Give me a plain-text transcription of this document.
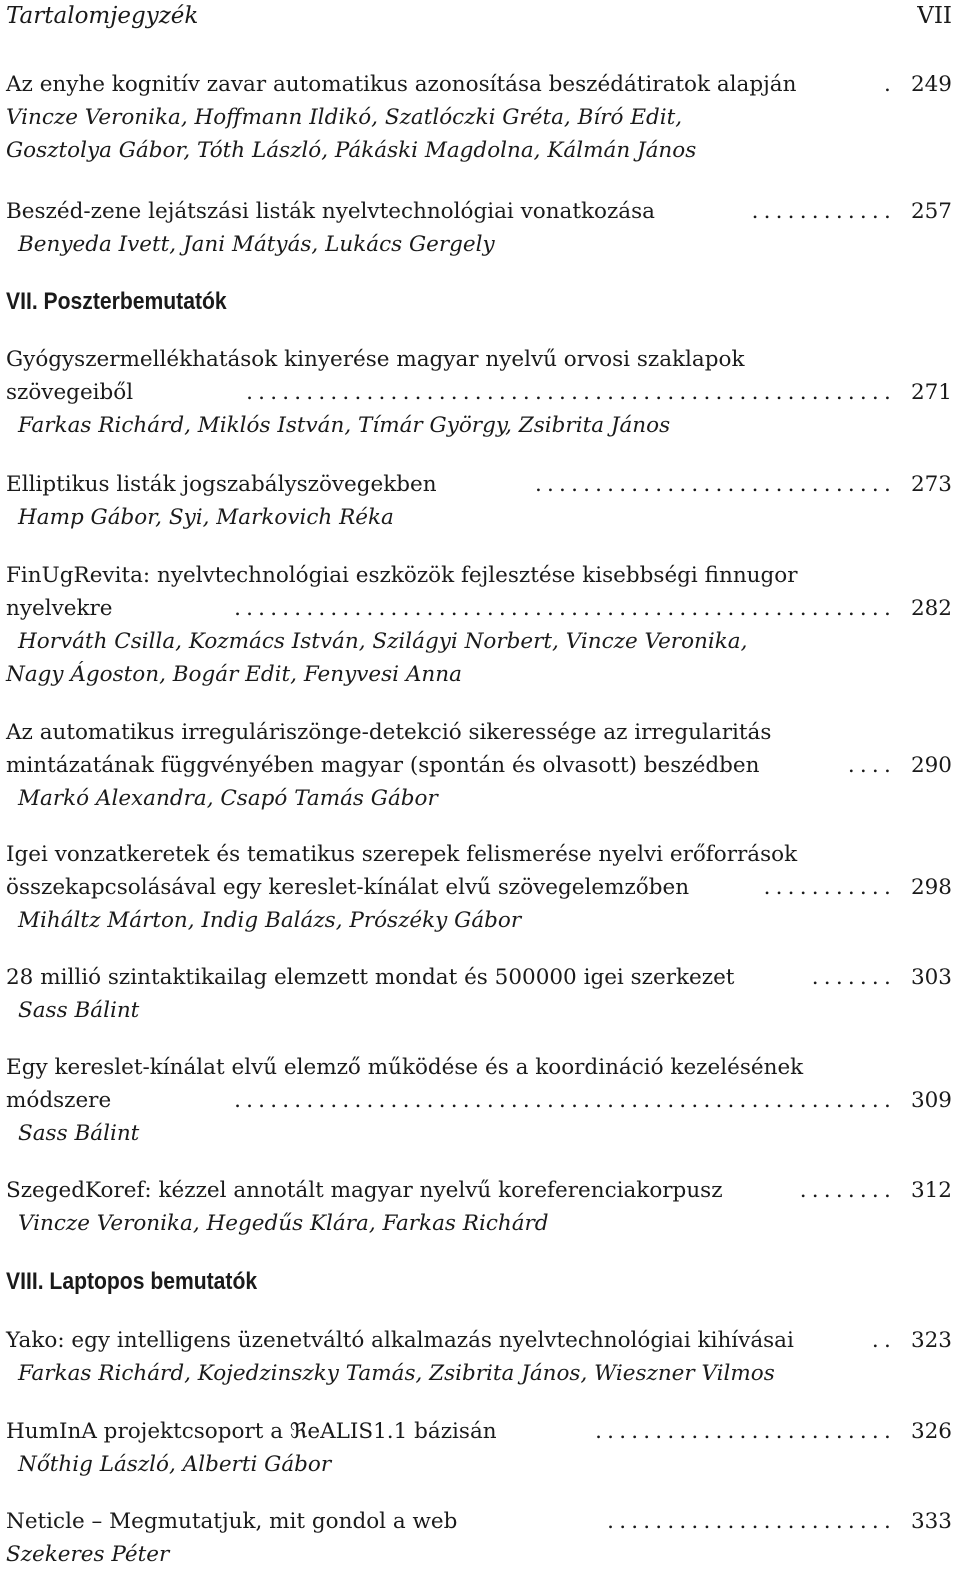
Tartalomjegyzék	VII
Az enyhe kognitív zavar automatikus azonosítása beszédátiratok alapján	. 249
Vincze Veronika, Hoffmann Ildikó, Szatlóczki Gréta, Bíró Edit,
Gosztolya Gábor, Tóth László, Pákáski Magdolna, Kálmán János
Beszéd-zene lejátszási listák nyelvtechnológiai vonatkozása	............ 257
Benyeda Ivett, Jani Mátyás, Lukács Gergely
VII. Poszterbemutatók
Gyógyszermellékhatások kinyerése magyar nyelvű orvosi szaklapok
szövegeiből	...................................................... 271
Farkas Richárd, Miklós István, Tímár György, Zsibrita János
Elliptikus listák jogszabályszövegekben	.............................. 273
Hamp Gábor, Syi, Markovich Réka
FinUgRevita: nyelvtechnológiai eszközök fejlesztése kisebbségi finnugor
nyelvekre	....................................................... 282
Horváth Csilla, Kozmács István, Szilágyi Norbert, Vincze Veronika,
Nagy Ágoston, Bogár Edit, Fenyvesi Anna
Az automatikus irreguláriszönge-detekció sikeressége az irregularitás
mintázatának függvényében magyar (spontán és olvasott) beszédben	.... 290
Markó Alexandra, Csapó Tamás Gábor
Igei vonzatkeretek és tematikus szerepek felismerése nyelvi erőforrások
összekapcsolásával egy kereslet-kínálat elvű szövegelemzőben	........... 298
Miháltz Márton, Indig Balázs, Prószéky Gábor
28 millió szintaktikailag elemzett mondat és 500000 igei szerkezet	....... 303
Sass Bálint
Egy kereslet-kínálat elvű elemző működése és a koordináció kezelésének
módszere	....................................................... 309
Sass Bálint
SzegedKoref: kézzel annotált magyar nyelvű koreferenciakorpusz	........ 312
Vincze Veronika, Hegedűs Klára, Farkas Richárd
VIII. Laptopos bemutatók
Yako: egy intelligens üzenetváltó alkalmazás nyelvtechnológiai kihívásai	.. 323
Farkas Richárd, Kojedzinszky Tamás, Zsibrita János, Wieszner Vilmos
HumInA projektcsoport a ℜeALIS1.1 bázisán	......................... 326
Nőthig László, Alberti Gábor
Neticle – Megmutatjuk, mit gondol a web	........................ 333
Szekeres Péter
